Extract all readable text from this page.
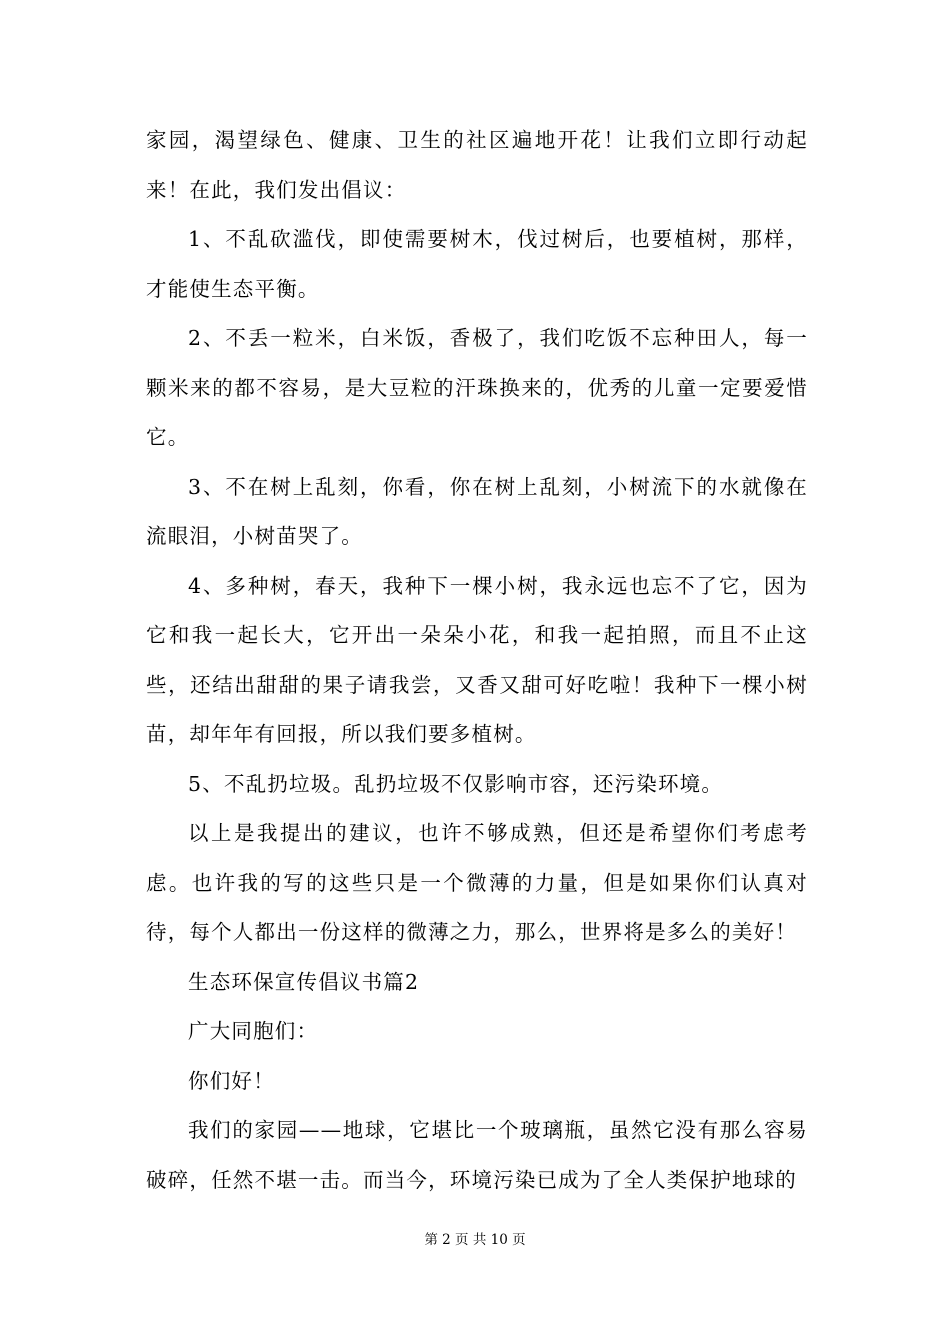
家园，渴望绿色、健康、卫生的社区遍地开花！让我们立即行动起来！在此，我们发出倡议：

1、不乱砍滥伐，即使需要树木，伐过树后，也要植树，那样，才能使生态平衡。

2、不丢一粒米，白米饭，香极了，我们吃饭不忘种田人，每一颗米来的都不容易，是大豆粒的汗珠换来的，优秀的儿童一定要爱惜它。

3、不在树上乱刻，你看，你在树上乱刻，小树流下的水就像在流眼泪，小树苗哭了。

4、多种树，春天，我种下一棵小树，我永远也忘不了它，因为它和我一起长大，它开出一朵朵小花，和我一起拍照，而且不止这些，还结出甜甜的果子请我尝，又香又甜可好吃啦！我种下一棵小树苗，却年年有回报，所以我们要多植树。

5、不乱扔垃圾。乱扔垃圾不仅影响市容，还污染环境。

以上是我提出的建议，也许不够成熟，但还是希望你们考虑考虑。也许我的写的这些只是一个微薄的力量，但是如果你们认真对待，每个人都出一份这样的微薄之力，那么，世界将是多么的美好！

生态环保宣传倡议书篇2

广大同胞们：

你们好！

我们的家园——地球，它堪比一个玻璃瓶，虽然它没有那么容易破碎，任然不堪一击。而当今，环境污染已成为了全人类保护地球的

第 2 页 共 10 页
